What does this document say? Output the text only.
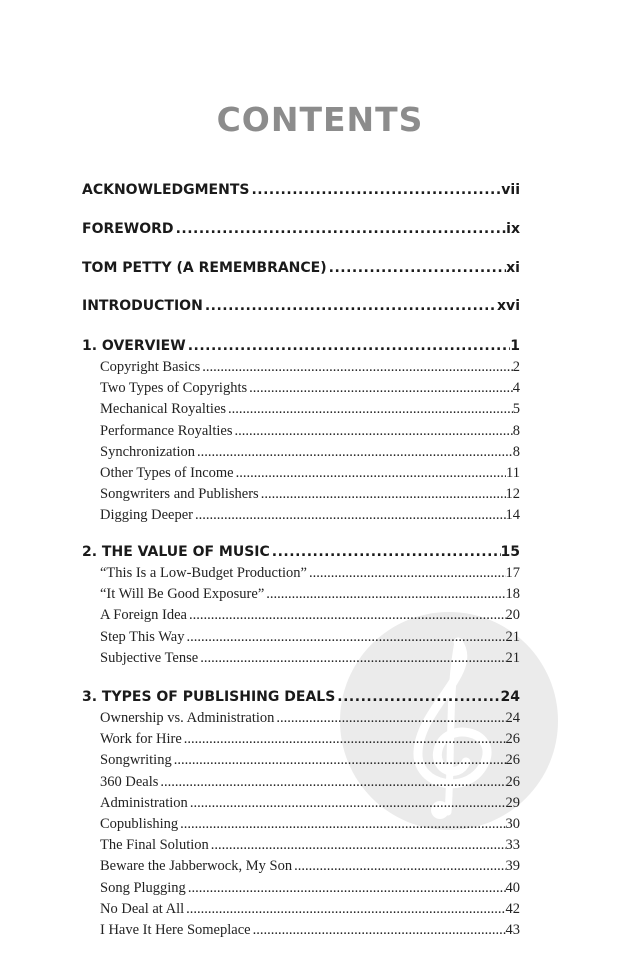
CONTENTS
ACKNOWLEDGMENTS .....	vii
FOREWORD .....	ix
TOM PETTY (A REMEMBRANCE) .....	xi
INTRODUCTION .....	xvi
1. OVERVIEW .....	1
Copyright Basics .....	2
Two Types of Copyrights .....	4
Mechanical Royalties .....	5
Performance Royalties .....	8
Synchronization .....	8
Other Types of Income .....	11
Songwriters and Publishers .....	12
Digging Deeper .....	14
2. THE VALUE OF MUSIC .....	15
“This Is a Low-Budget Production” .....	17
“It Will Be Good Exposure” .....	18
A Foreign Idea .....	20
Step This Way .....	21
Subjective Tense .....	21
3. TYPES OF PUBLISHING DEALS .....	24
Ownership vs. Administration .....	24
Work for Hire .....	26
Songwriting .....	26
360 Deals .....	26
Administration .....	29
Copublishing .....	30
The Final Solution .....	33
Beware the Jabberwock, My Son .....	39
Song Plugging .....	40
No Deal at All .....	42
I Have It Here Someplace .....	43
